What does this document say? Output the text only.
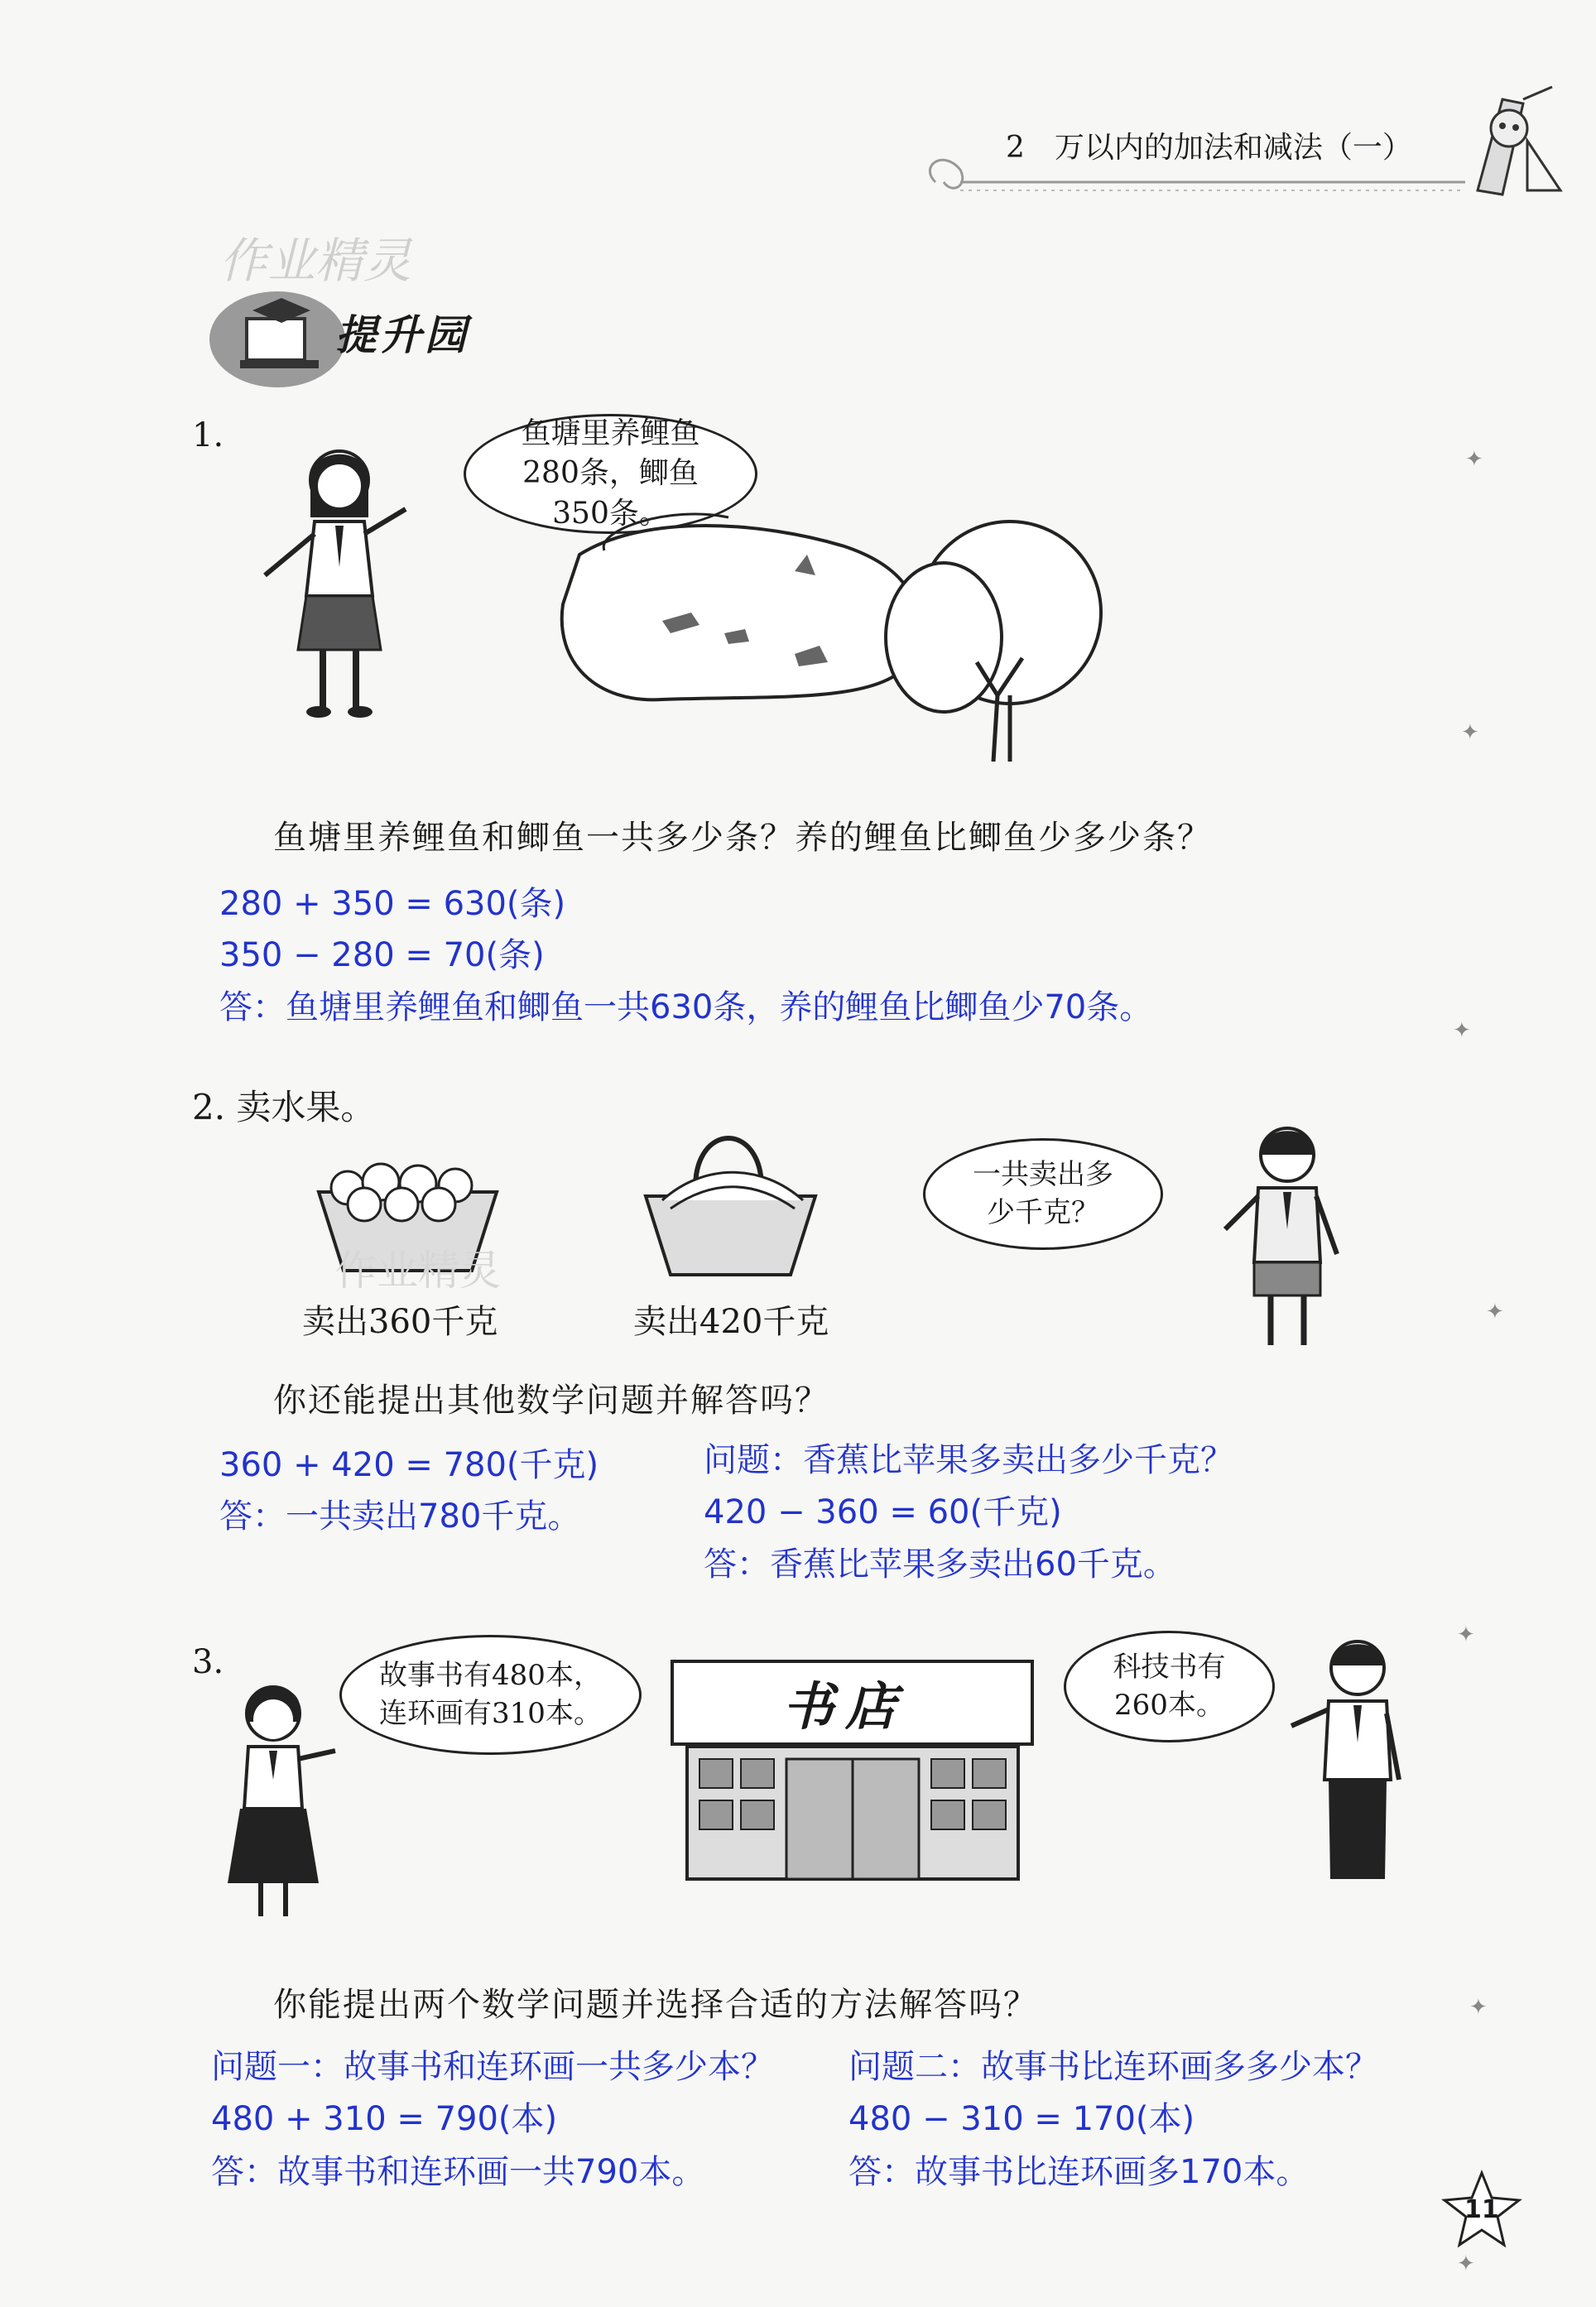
2　万以内的加法和减法（一）
作业精灵
提升园
1.	鱼塘里养鲤鱼280条，鲫鱼350条。
鱼塘里养鲤鱼和鲫鱼一共多少条？养的鲤鱼比鲫鱼少多少条？
280 + 350 = 630(条)
350 − 280 = 70(条)
答：鱼塘里养鲤鱼和鲫鱼一共630条，养的鲤鱼比鲫鱼少70条。
2. 卖水果。
作业精灵
卖出360千克	卖出420千克
一共卖出多少千克？
你还能提出其他数学问题并解答吗？
360 + 420 = 780(千克)
答：一共卖出780千克。
问题：香蕉比苹果多卖出多少千克？
420 − 360 = 60(千克)
答：香蕉比苹果多卖出60千克。
3.	故事书有480本，连环画有310本。	书店
科技书有260本。
你能提出两个数学问题并选择合适的方法解答吗？
问题一：故事书和连环画一共多少本？
480 + 310 = 790(本)
答：故事书和连环画一共790本。
问题二：故事书比连环画多多少本？
480 − 310 = 170(本)
答：故事书比连环画多170本。
✦
✦
✦
✦
✦
✦
✦
11
